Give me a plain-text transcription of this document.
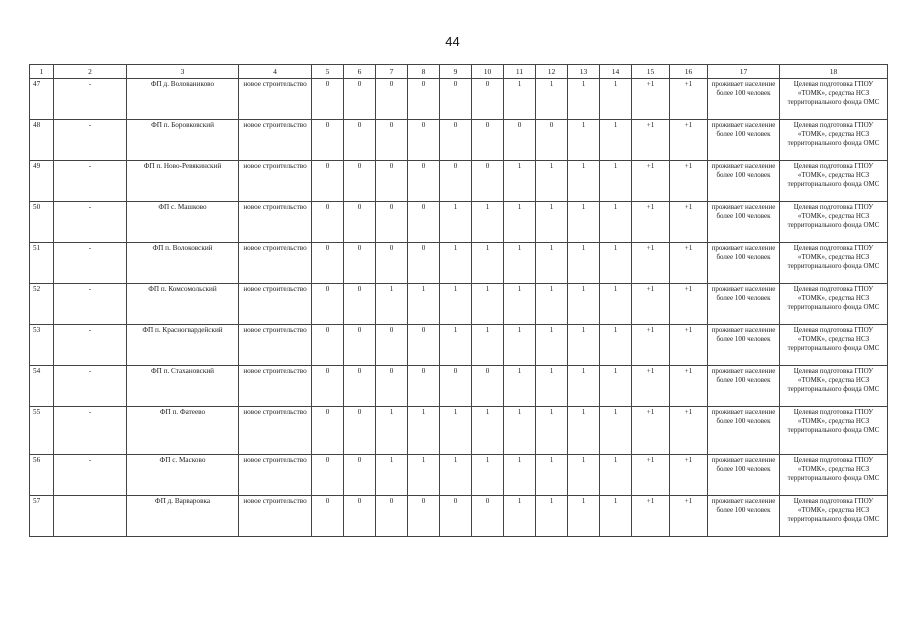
44
1	2	3	4	5	6	7	8	9	10	11	12	13	14	15	16	17	18
47	-	ФП д. Волованиково	новое строительство	0	0	0	0	0	0	1	1	1	1	+1	+1	проживает население более 100 человек	Целевая подготовка ГПОУ «ТОМК», средства НСЗ территориального фонда ОМС
48	-	ФП п. Боровковский	новое строительство	0	0	0	0	0	0	0	0	1	1	+1	+1	проживает население более 100 человек	Целевая подготовка ГПОУ «ТОМК», средства НСЗ территориального фонда ОМС
49	-	ФП п. Ново-Ревякинский	новое строительство	0	0	0	0	0	0	1	1	1	1	+1	+1	проживает население более 100 человек	Целевая подготовка ГПОУ «ТОМК», средства НСЗ территориального фонда ОМС
50	-	ФП с. Машково	новое строительство	0	0	0	0	1	1	1	1	1	1	+1	+1	проживает население более 100 человек	Целевая подготовка ГПОУ «ТОМК», средства НСЗ территориального фонда ОМС
51	-	ФП п. Волоковский	новое строительство	0	0	0	0	1	1	1	1	1	1	+1	+1	проживает население более 100 человек	Целевая подготовка ГПОУ «ТОМК», средства НСЗ территориального фонда ОМС
52	-	ФП п. Комсомольский	новое строительство	0	0	1	1	1	1	1	1	1	1	+1	+1	проживает население более 100 человек	Целевая подготовка ГПОУ «ТОМК», средства НСЗ территориального фонда ОМС
53	-	ФП п. Красногвардейский	новое строительство	0	0	0	0	1	1	1	1	1	1	+1	+1	проживает население более 100 человек	Целевая подготовка ГПОУ «ТОМК», средства НСЗ территориального фонда ОМС
54	-	ФП п. Стахановский	новое строительство	0	0	0	0	0	0	1	1	1	1	+1	+1	проживает население более 100 человек	Целевая подготовка ГПОУ «ТОМК», средства НСЗ территориального фонда ОМС
55	-	ФП п. Фатеево	новое строительство	0	0	1	1	1	1	1	1	1	1	+1	+1	проживает население более 100 человек	Целевая подготовка ГПОУ «ТОМК», средства НСЗ территориального фонда ОМС
56	-	ФП с. Масково	новое строительство	0	0	1	1	1	1	1	1	1	1	+1	+1	проживает население более 100 человек	Целевая подготовка ГПОУ «ТОМК», средства НСЗ территориального фонда ОМС
57		ФП д. Варваровка	новое строительство	0	0	0	0	0	0	1	1	1	1	+1	+1	проживает население более 100 человек	Целевая подготовка ГПОУ «ТОМК», средства НСЗ территориального фонда ОМС
